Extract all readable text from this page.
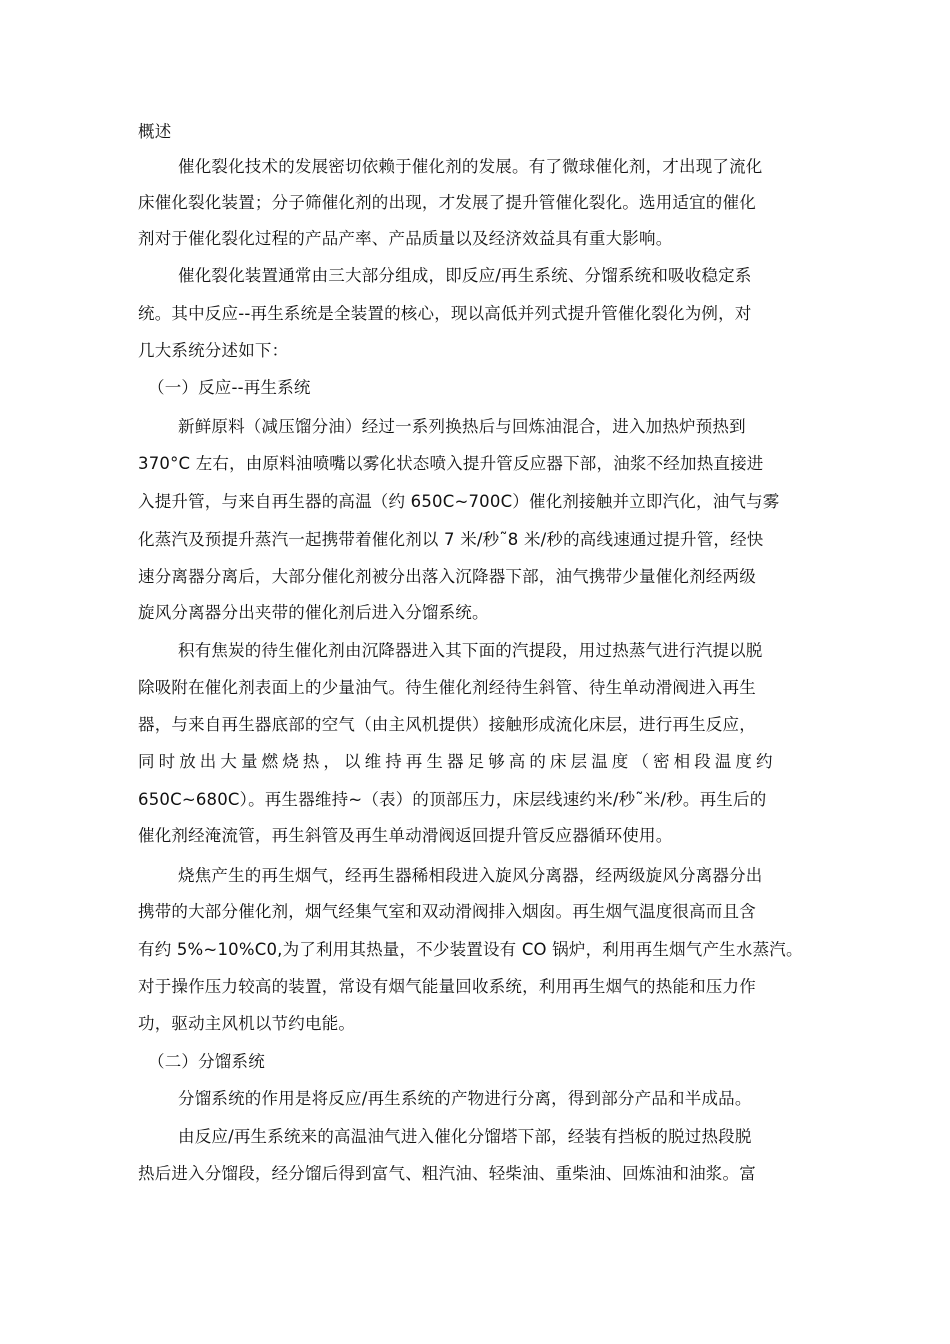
概述
催化裂化技术的发展密切依赖于催化剂的发展。有了微球催化剂，才出现了流化
床催化裂化装置；分子筛催化剂的出现，才发展了提升管催化裂化。选用适宜的催化
剂对于催化裂化过程的产品产率、产品质量以及经济效益具有重大影响。
催化裂化装置通常由三大部分组成，即反应/再生系统、分馏系统和吸收稳定系
统。其中反应--再生系统是全装置的核心，现以高低并列式提升管催化裂化为例，对
几大系统分述如下：
（一）反应--再生系统
新鲜原料（减压馏分油）经过一系列换热后与回炼油混合，进入加热炉预热到
370°C 左右，由原料油喷嘴以雾化状态喷入提升管反应器下部，油浆不经加热直接进
入提升管，与来自再生器的高温（约 650C~700C）催化剂接触并立即汽化，油气与雾
化蒸汽及预提升蒸汽一起携带着催化剂以 7 米/秒˜8 米/秒的高线速通过提升管，经快
速分离器分离后，大部分催化剂被分出落入沉降器下部，油气携带少量催化剂经两级
旋风分离器分出夹带的催化剂后进入分馏系统。
积有焦炭的待生催化剂由沉降器进入其下面的汽提段，用过热蒸气进行汽提以脱
除吸附在催化剂表面上的少量油气。待生催化剂经待生斜管、待生单动滑阀进入再生
器，与来自再生器底部的空气（由主风机提供）接触形成流化床层，进行再生反应，
同时放出大量燃烧热，以维持再生器足够高的床层温度（密相段温度约
650C~680C）。再生器维持~（表）的顶部压力，床层线速约米/秒˜米/秒。再生后的
催化剂经淹流管，再生斜管及再生单动滑阀返回提升管反应器循环使用。
烧焦产生的再生烟气，经再生器稀相段进入旋风分离器，经两级旋风分离器分出
携带的大部分催化剂，烟气经集气室和双动滑阀排入烟囱。再生烟气温度很高而且含
有约 5%~10%C0,为了利用其热量，不少装置设有 CO 锅炉，利用再生烟气产生水蒸汽。
对于操作压力较高的装置，常设有烟气能量回收系统，利用再生烟气的热能和压力作
功，驱动主风机以节约电能。
（二）分馏系统
分馏系统的作用是将反应/再生系统的产物进行分离，得到部分产品和半成品。
由反应/再生系统来的高温油气进入催化分馏塔下部，经装有挡板的脱过热段脱
热后进入分馏段，经分馏后得到富气、粗汽油、轻柴油、重柴油、回炼油和油浆。富
